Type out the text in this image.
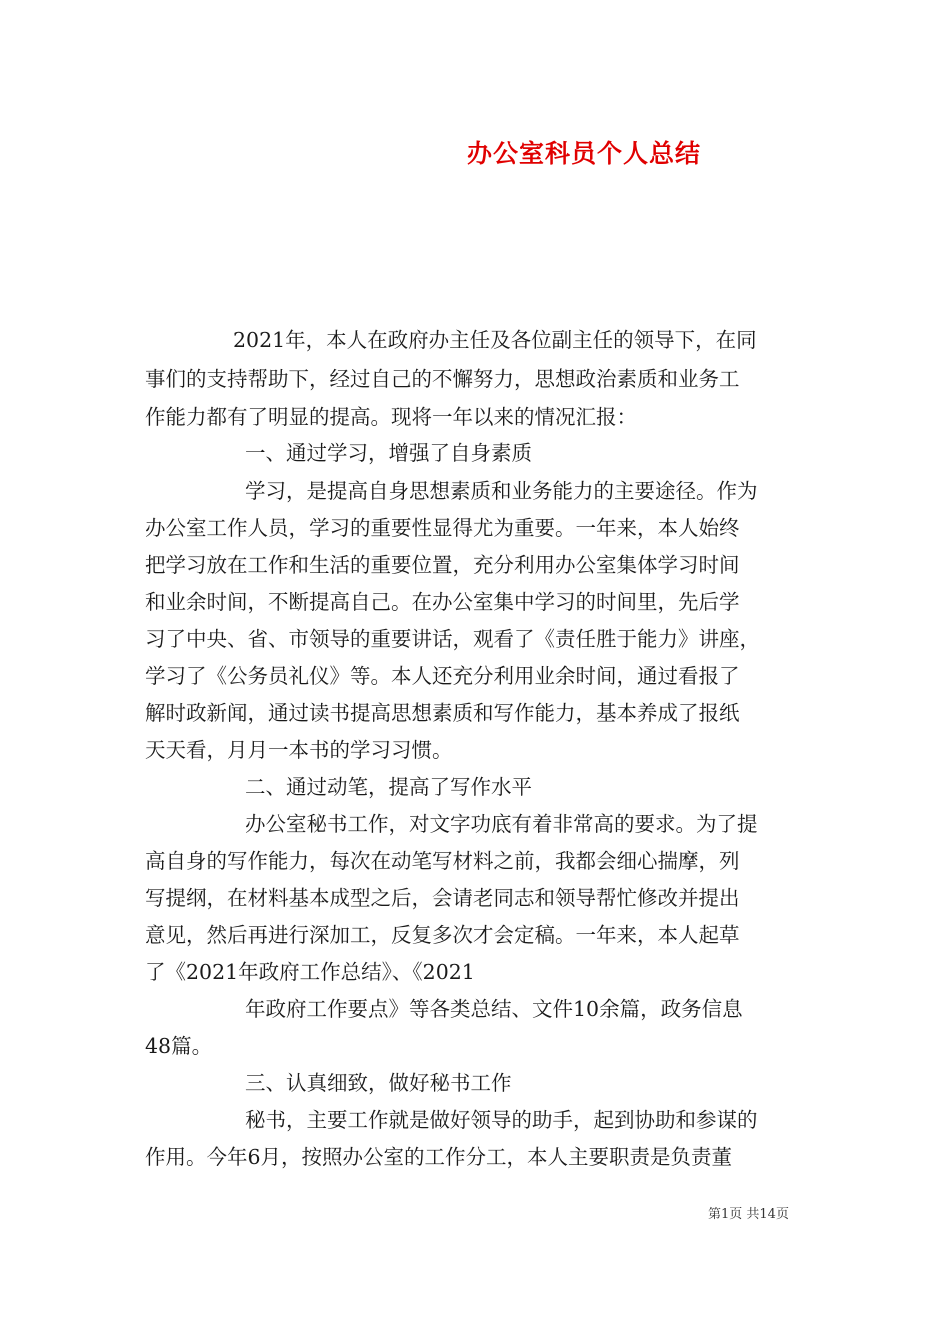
办公室科员个人总结
2021年，本人在政府办主任及各位副主任的领导下，在同
事们的支持帮助下，经过自己的不懈努力，思想政治素质和业务工
作能力都有了明显的提高。现将一年以来的情况汇报：
一、通过学习，增强了自身素质
学习，是提高自身思想素质和业务能力的主要途径。作为
办公室工作人员，学习的重要性显得尤为重要。一年来，本人始终
把学习放在工作和生活的重要位置，充分利用办公室集体学习时间
和业余时间，不断提高自己。在办公室集中学习的时间里，先后学
习了中央、省、市领导的重要讲话，观看了《责任胜于能力》讲座，
学习了《公务员礼仪》等。本人还充分利用业余时间，通过看报了
解时政新闻，通过读书提高思想素质和写作能力，基本养成了报纸
天天看，月月一本书的学习习惯。
二、通过动笔，提高了写作水平
办公室秘书工作，对文字功底有着非常高的要求。为了提
高自身的写作能力，每次在动笔写材料之前，我都会细心揣摩，列
写提纲，在材料基本成型之后，会请老同志和领导帮忙修改并提出
意见，然后再进行深加工，反复多次才会定稿。一年来，本人起草
了《2021年政府工作总结》、《2021
年政府工作要点》等各类总结、文件10余篇，政务信息
48篇。
三、认真细致，做好秘书工作
秘书，主要工作就是做好领导的助手，起到协助和参谋的
作用。今年6月，按照办公室的工作分工，本人主要职责是负责董
第1页 共14页
